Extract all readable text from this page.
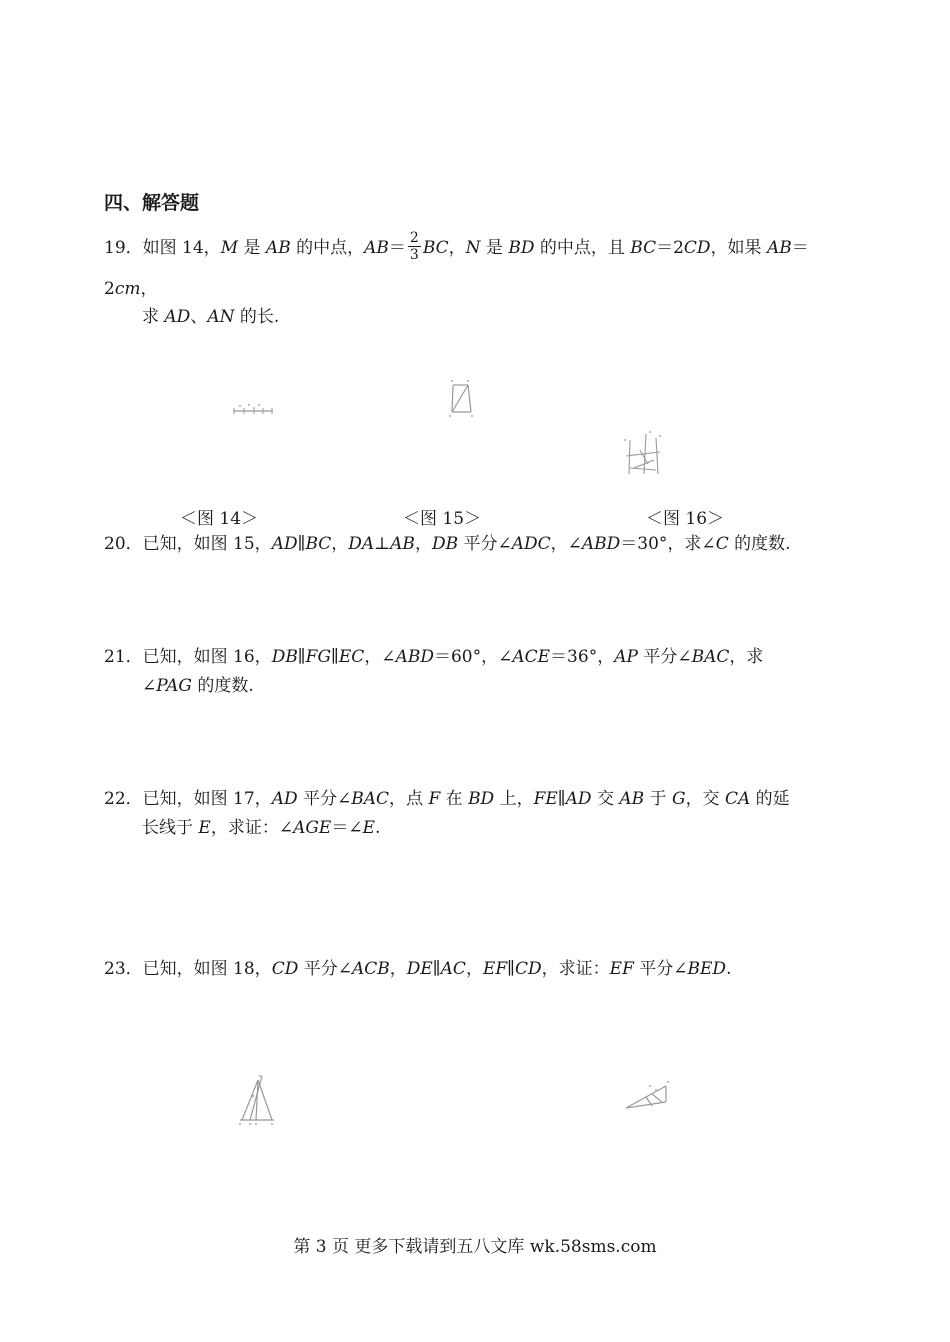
四、解答题
19．如图 14，M 是 AB 的中点，$AB= \frac{2}{3}$ BC，N 是 BD 的中点，且 BC＝2CD，如果 AB＝
2cm，
求 AD、AN 的长.
＜图 14＞	＜图 15＞	＜图 16＞
20．已知，如图 15，AD∥BC，DA⊥AB，DB 平分∠ADC，∠ABD＝30°，求∠C 的度数.
21．已知，如图 16，DB∥FG∥EC，∠ABD＝60°，∠ACE＝36°，AP 平分∠BAC，求
∠PAG 的度数.
22．已知，如图 17，AD 平分∠BAC，点 F 在 BD 上，FE∥AD 交 AB 于 G，交 CA 的延
长线于 E，求证：∠AGE＝∠E.
23．已知，如图 18，CD 平分∠ACB，DE∥AC，EF∥CD，求证：EF 平分∠BED.
第 3 页 更多下载请到五八文库 wk.58sms.com
